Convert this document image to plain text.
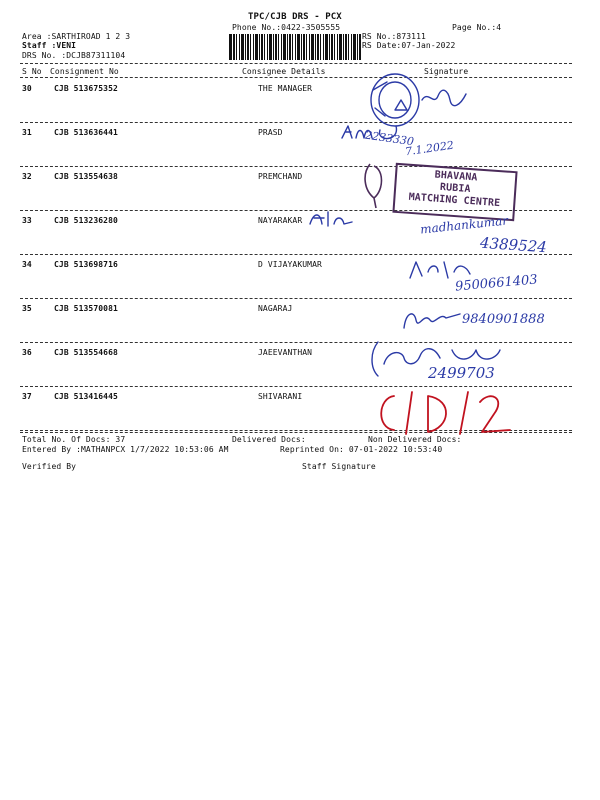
TPC/CJB DRS - PCX
Phone No.:0422-3505555	Page No.:4
Area :SARTHIROAD 1 2 3
Staff :VENI
DRS No. :DCJB87311104
RS No.:873111
RS Date:07-Jan-2022
S No Consignment No	Consignee Details	Signature
30	CJB 513675352	THE MANAGER
31	CJB 513636441	PRASD
32	CJB 513554638	PREMCHAND
33	CJB 513236280	NAYARAKAR
34	CJB 513698716	D VIJAYAKUMAR
35	CJB 513570081	NAGARAJ
36	CJB 513554668	JAEEVANTHAN
37	CJB 513416445	SHIVARANI
Total No. Of Docs: 37	Delivered Docs:	Non Delivered Docs:
Entered By :MATHANPCX 1/7/2022 10:53:06 AM	Reprinted On: 07-01-2022 10:53:40
Verified By	Staff Signature
2233330
7.1.2022
BHAVANA
RUBIA
MATCHING CENTRE
madhankumar
4389524
9500661403
9840901888
2499703
